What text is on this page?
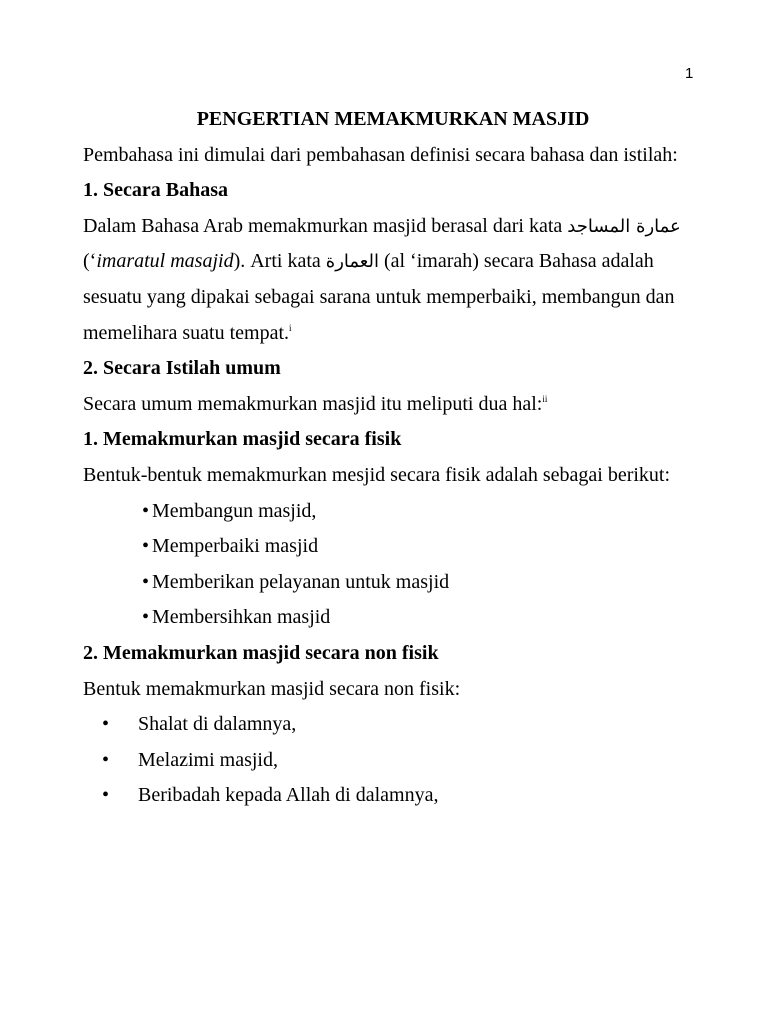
1
PENGERTIAN MEMAKMURKAN MASJID

Pembahasa ini dimulai dari pembahasan definisi secara bahasa dan istilah:

1. Secara Bahasa

Dalam Bahasa Arab memakmurkan masjid berasal dari kata عمارة المساجد (‘imaratul masajid). Arti kata العمارة (al ‘imarah) secara Bahasa adalah sesuatu yang dipakai sebagai sarana untuk memperbaiki, membangun dan memelihara suatu tempat.$^i$

2. Secara Istilah umum

Secara umum memakmurkan masjid itu meliputi dua hal:$^{ii}$

1. Memakmurkan masjid secara fisik

Bentuk-bentuk memakmurkan mesjid secara fisik adalah sebagai berikut:

• Membangun masjid,
• Memperbaiki masjid
• Memberikan pelayanan untuk masjid
• Membersihkan masjid
2. Memakmurkan masjid secara non fisik

Bentuk memakmurkan masjid secara non fisik:

• Shalat di dalamnya,
• Melazimi masjid,
• Beribadah kepada Allah di dalamnya,
